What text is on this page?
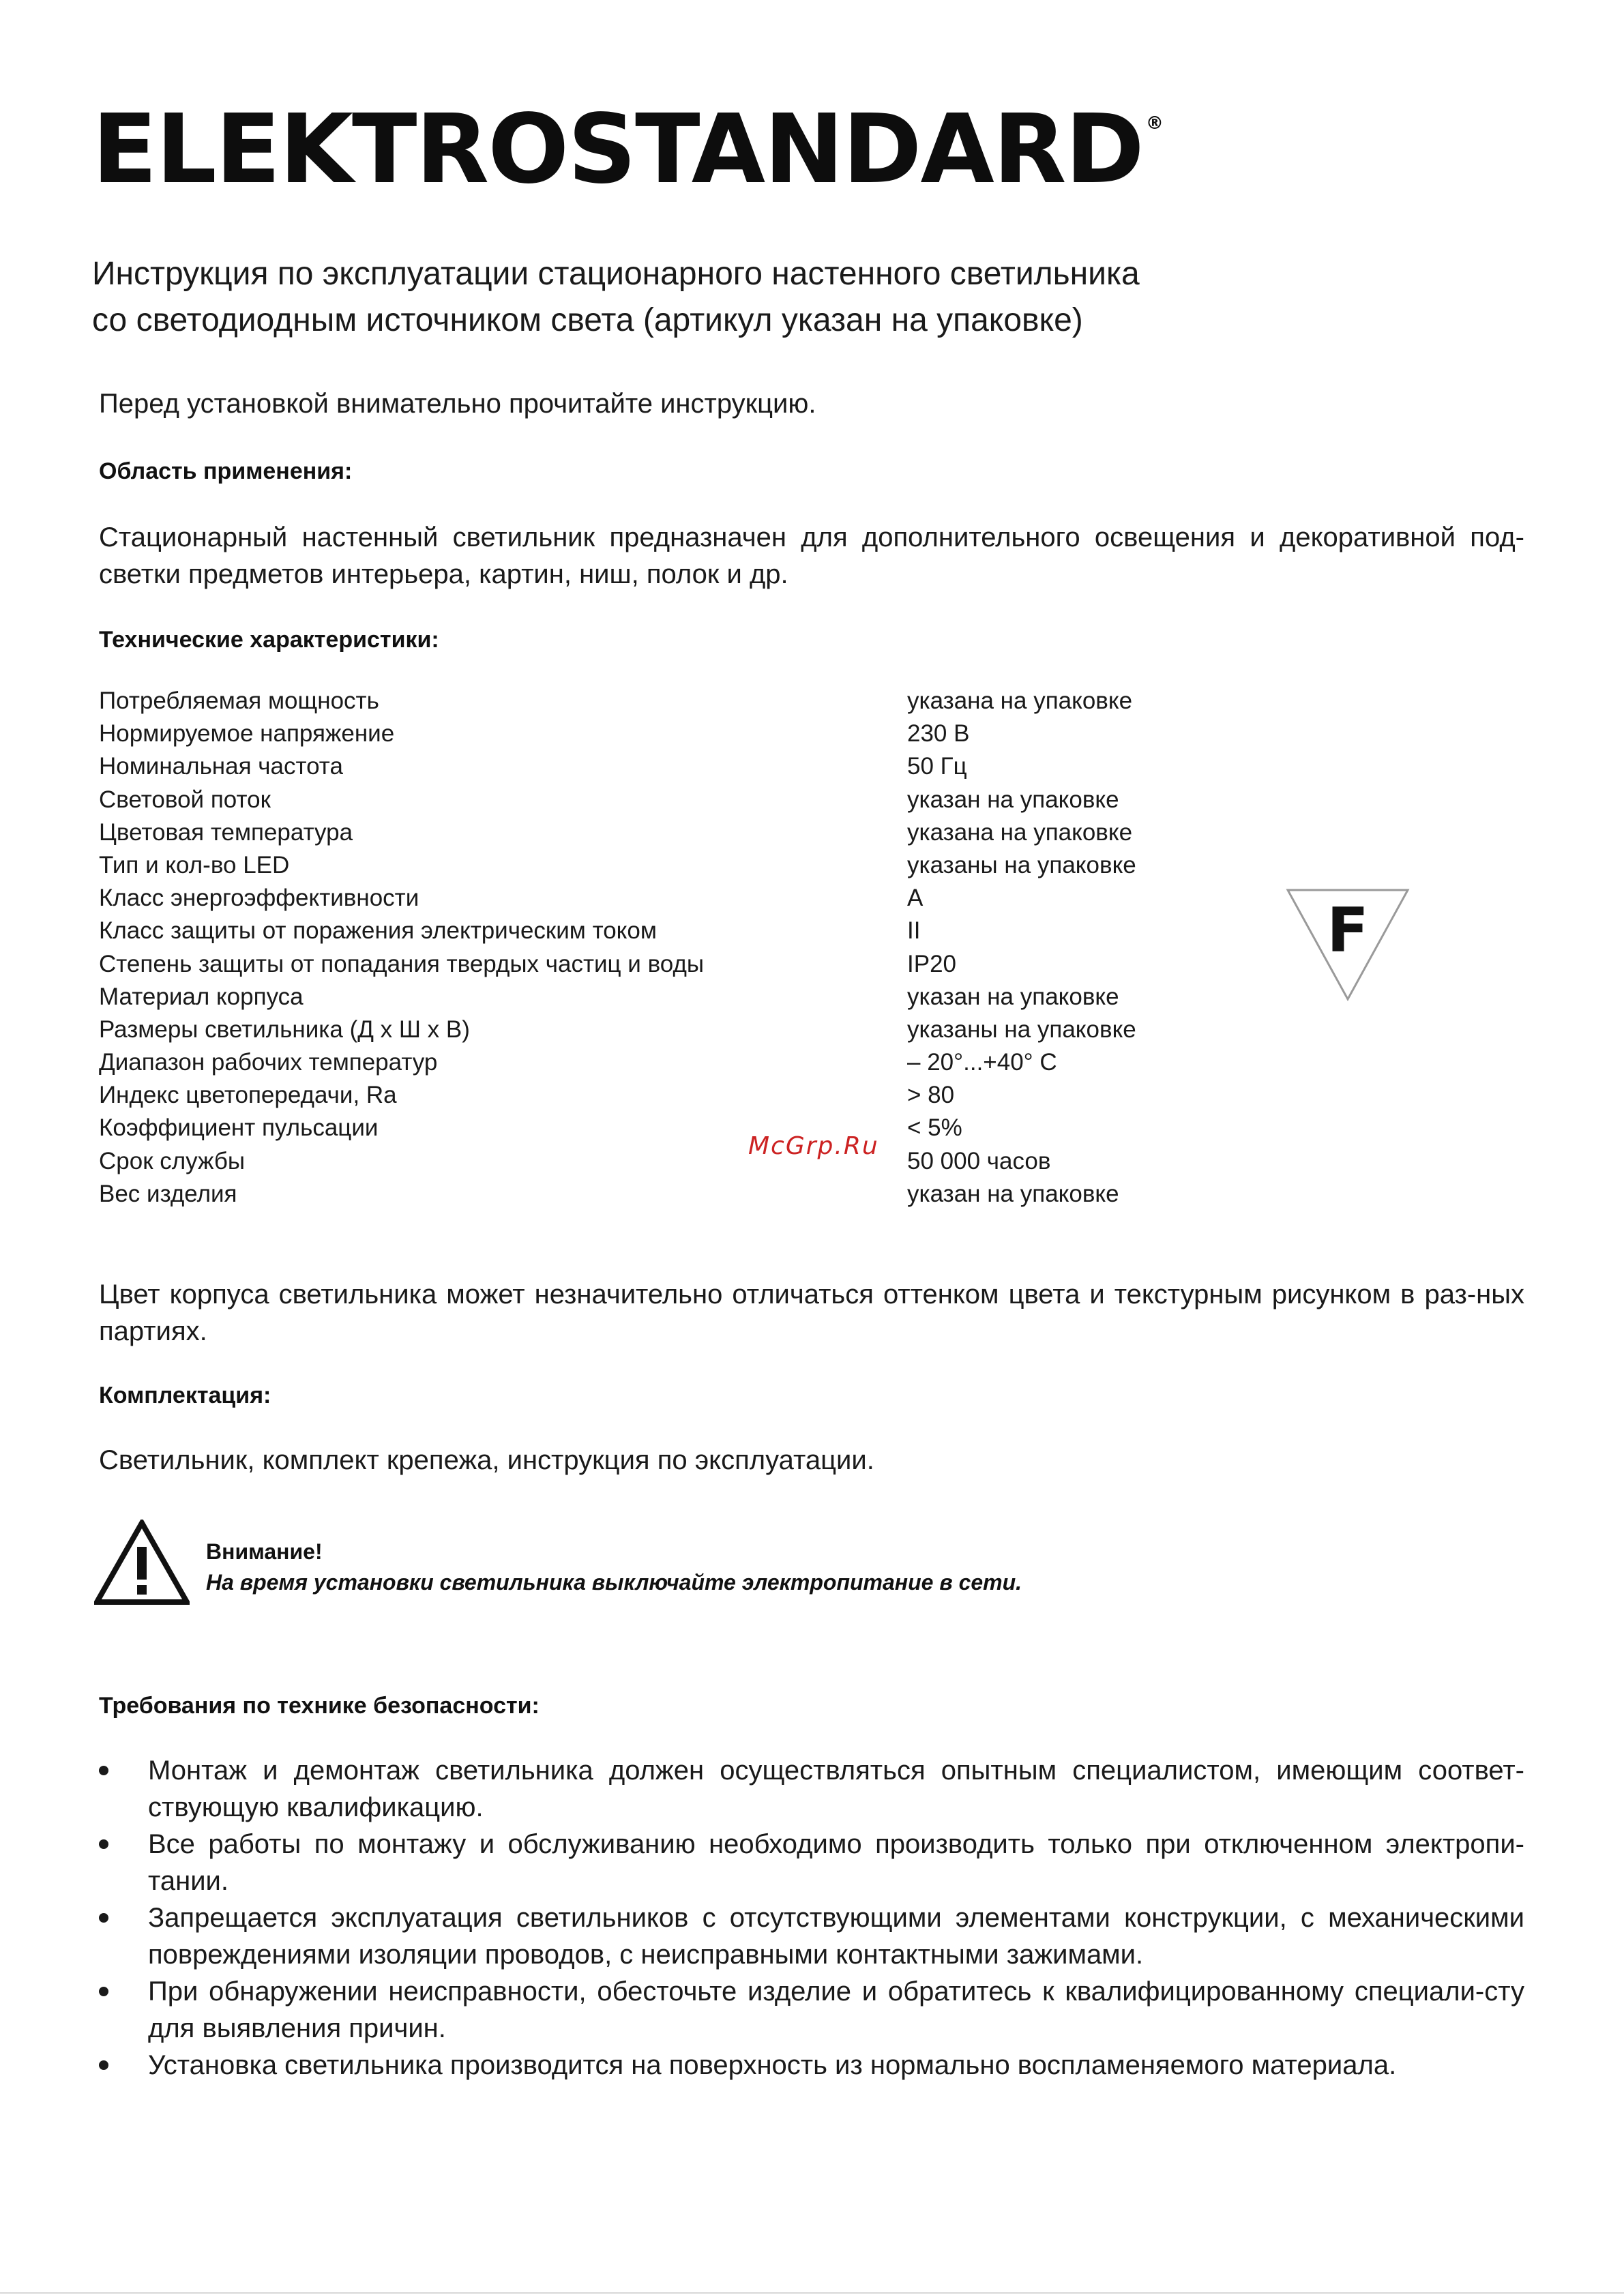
ELEKTROSTANDARD ®
Инструкция по эксплуатации стационарного настенного светильника
со светодиодным источником света (артикул указан на упаковке)
Перед установкой внимательно прочитайте инструкцию.
Область применения:
Стационарный настенный светильник предназначен для дополнительного освещения и декоративной под-светки предметов интерьера, картин, ниш, полок и др.
Технические характеристики:
Потребляемая мощность	указана на упаковке
Нормируемое напряжение	230 В
Номинальная частота	50 Гц
Световой поток	указан на упаковке
Цветовая температура	указана на упаковке
Тип и кол-во LED	указаны на упаковке
Класс энергоэффективности	А
Класс защиты от поражения электрическим током	II
Степень защиты от попадания твердых частиц и воды	IP20
Материал корпуса	указан на упаковке
Размеры светильника (Д х Ш х В)	указаны на упаковке
Диапазон рабочих температур	– 20°...+40° С
Индекс цветопередачи, Ra	> 80
Коэффициент пульсации	< 5%
Срок службы	50 000 часов
Вес изделия	указан на упаковке
F
McGrp.Ru
Цвет корпуса светильника может незначительно отличаться оттенком цвета и текстурным рисунком в раз-ных партиях.
Комплектация:
Светильник, комплект крепежа, инструкция по эксплуатации.
Внимание!
На время установки светильника выключайте электропитание в сети.
Требования по технике безопасности:
Монтаж и демонтаж светильника должен осуществляться опытным специалистом, имеющим соответ-ствующую квалификацию.
Все работы по монтажу и обслуживанию необходимо производить только при отключенном электропи-тании.
Запрещается эксплуатация светильников с отсутствующими элементами конструкции, с механическими повреждениями изоляции проводов, с неисправными контактными зажимами.
При обнаружении неисправности, обесточьте изделие и обратитесь к квалифицированному специали-сту для выявления причин.
Установка светильника производится на поверхность из нормально воспламеняемого материала.
